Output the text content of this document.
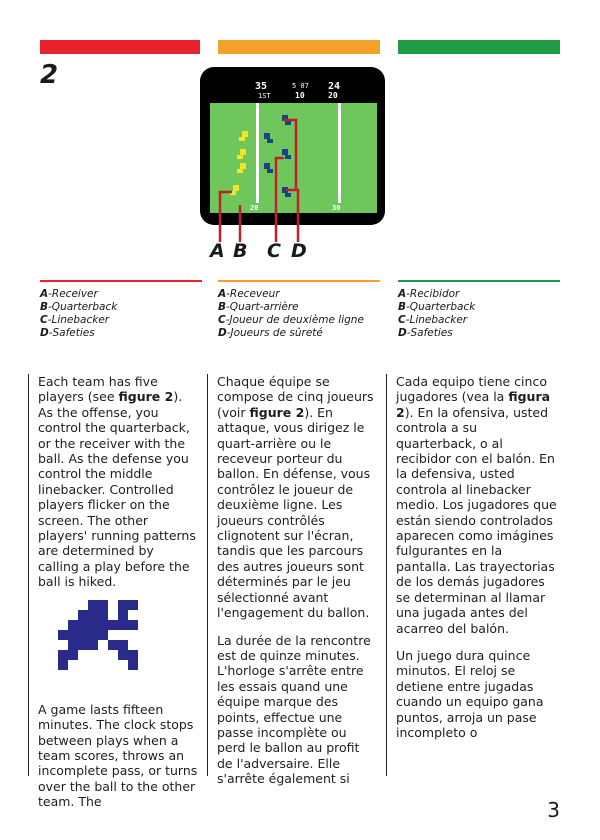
2	35	5 07 24
1ST	10	20
20	30
A B C D
A-Receiver
B-Quarterback
C-Linebacker
D-Safeties
A-Receveur
B-Quart-arrière
C-Joueur de deuxième ligne
D-Joueurs de sûreté
A-Recibidor
B-Quarterback
C-Linebacker
D-Safeties

Each team has five players (see figure 2). As the offense, you control the quarterback, or the receiver with the ball. As the defense you control the middle linebacker. Controlled players flicker on the screen. The other players' running patterns are determined by calling a play before the ball is hiked.

A game lasts fifteen minutes. The clock stops between plays when a team scores, throws an incomplete pass, or turns over the ball to the other team. The

Chaque équipe se compose de cinq joueurs (voir figure 2). En attaque, vous dirigez le quart-arrière ou le receveur porteur du ballon. En défense, vous contrôlez le joueur de deuxième ligne. Les joueurs contrôlés clignotent sur l'écran, tandis que les parcours des autres joueurs sont déterminés par le jeu sélectionné avant l'engagement du ballon.

La durée de la rencontre est de quinze minutes. L'horloge s'arrête entre les essais quand une équipe marque des points, effectue une passe incomplète ou perd le ballon au profit de l'adversaire. Elle s'arrête également si

Cada equipo tiene cinco jugadores (vea la figura 2). En la ofensiva, usted controla a su quarterback, o al recibidor con el balón. En la defensiva, usted controla al linebacker medio. Los jugadores que están siendo controlados aparecen como imágines fulgurantes en la pantalla. Las trayectorias de los demás jugadores se determinan al llamar una jugada antes del acarreo del balón.

Un juego dura quince minutos. El reloj se detiene entre jugadas cuando un equipo gana puntos, arroja un pase incompleto o

3
